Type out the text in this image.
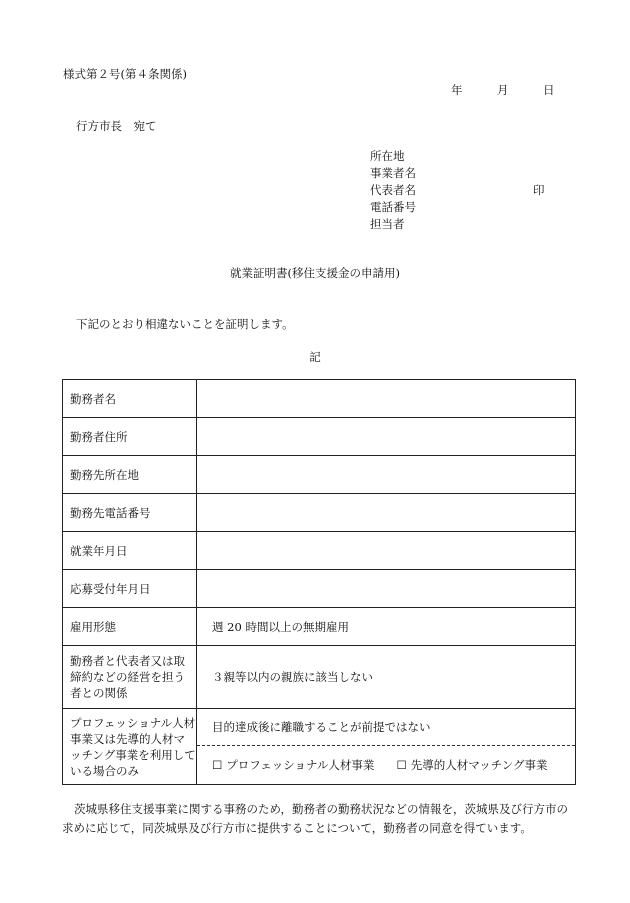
様式第２号(第４条関係)
年	月	日
行方市長　宛て
所在地
事業者名
代表者名	印
電話番号
担当者
就業証明書(移住支援金の申請用)
下記のとおり相違ないことを証明します。
記
勤務者名	
勤務者住所	
勤務先所在地	
勤務先電話番号	
就業年月日	
応募受付年月日	
雇用形態	週 20 時間以上の無期雇用
勤務者と代表者又は取締約などの経営を担う者との関係	３親等以内の親族に該当しない
プロフェッショナル人材事業又は先導的人材マッチング事業を利用している場合のみ	目的達成後に離職することが前提ではない
☐ プロフェッショナル人材事業 ☐ 先導的人材マッチング事業
茨城県移住支援事業に関する事務のため，勤務者の勤務状況などの情報を，茨城県及び行方市の求めに応じて，同茨城県及び行方市に提供することについて，勤務者の同意を得ています。
